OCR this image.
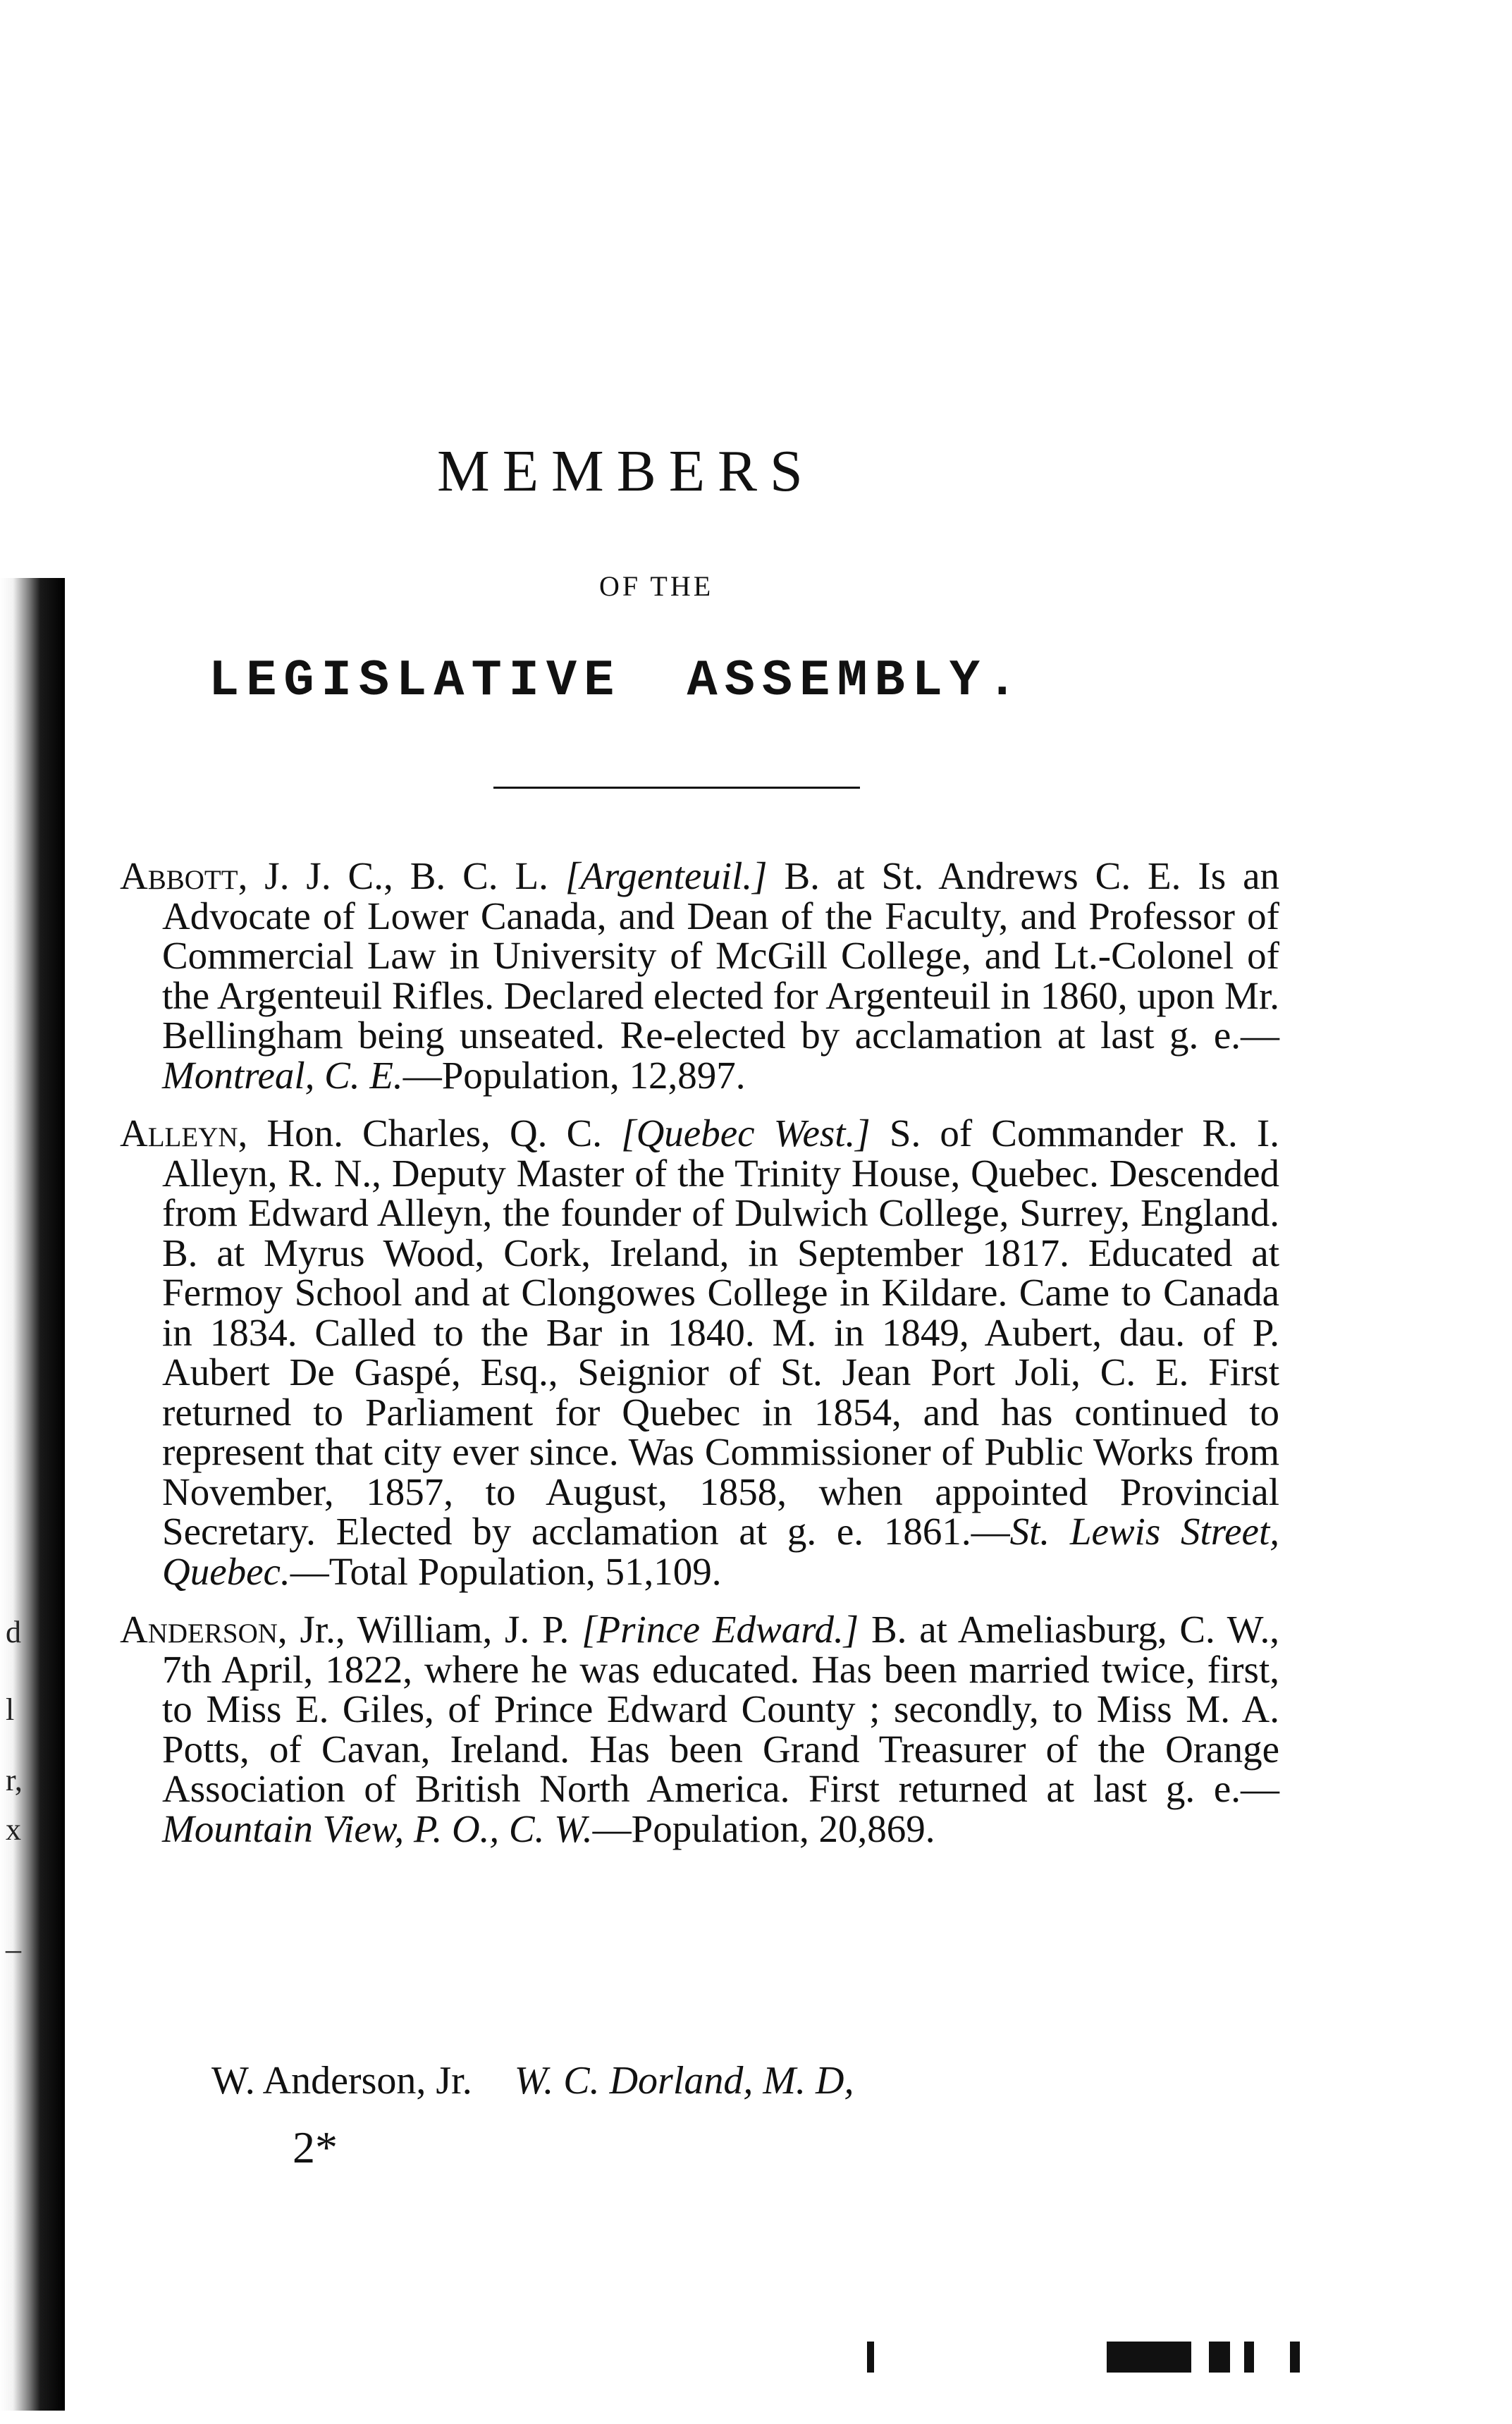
d
l
r,
x
–
MEMBERS
OF THE
LEGISLATIVE ASSEMBLY.

Abbott, J. J. C., B. C. L. [Argenteuil.] B. at St. Andrews C. E. Is an Advocate of Lower Canada, and Dean of the Faculty, and Professor of Commercial Law in University of McGill College, and Lt.-Colonel of the Argenteuil Rifles. Declared elected for Argenteuil in 1860, upon Mr. Bellingham being unseated. Re-elected by acclamation at last g. e.—Montreal, C. E.—Population, 12,897.

Alleyn, Hon. Charles, Q. C. [Quebec West.] S. of Commander R. I. Alleyn, R. N., Deputy Master of the Trinity House, Quebec. Descended from Edward Alleyn, the founder of Dulwich College, Surrey, England. B. at Myrus Wood, Cork, Ireland, in September 1817. Educated at Fermoy School and at Clongowes College in Kildare. Came to Canada in 1834. Called to the Bar in 1840. M. in 1849, Aubert, dau. of P. Aubert De Gaspé, Esq., Seignior of St. Jean Port Joli, C. E. First returned to Parliament for Quebec in 1854, and has continued to represent that city ever since. Was Commissioner of Public Works from November, 1857, to August, 1858, when appointed Provincial Secretary. Elected by acclamation at g. e. 1861.—St. Lewis Street, Quebec.—Total Population, 51,109.

Anderson, Jr., William, J. P. [Prince Edward.] B. at Ameliasburg, C. W., 7th April, 1822, where he was educated. Has been married twice, first, to Miss E. Giles, of Prince Edward County ; secondly, to Miss M. A. Potts, of Cavan, Ireland. Has been Grand Treasurer of the Orange Association of British North America. First returned at last g. e.—Mountain View, P. O., C. W.—Population, 20,869.

W. Anderson, Jr. W. C. Dorland, M. D,
2*
